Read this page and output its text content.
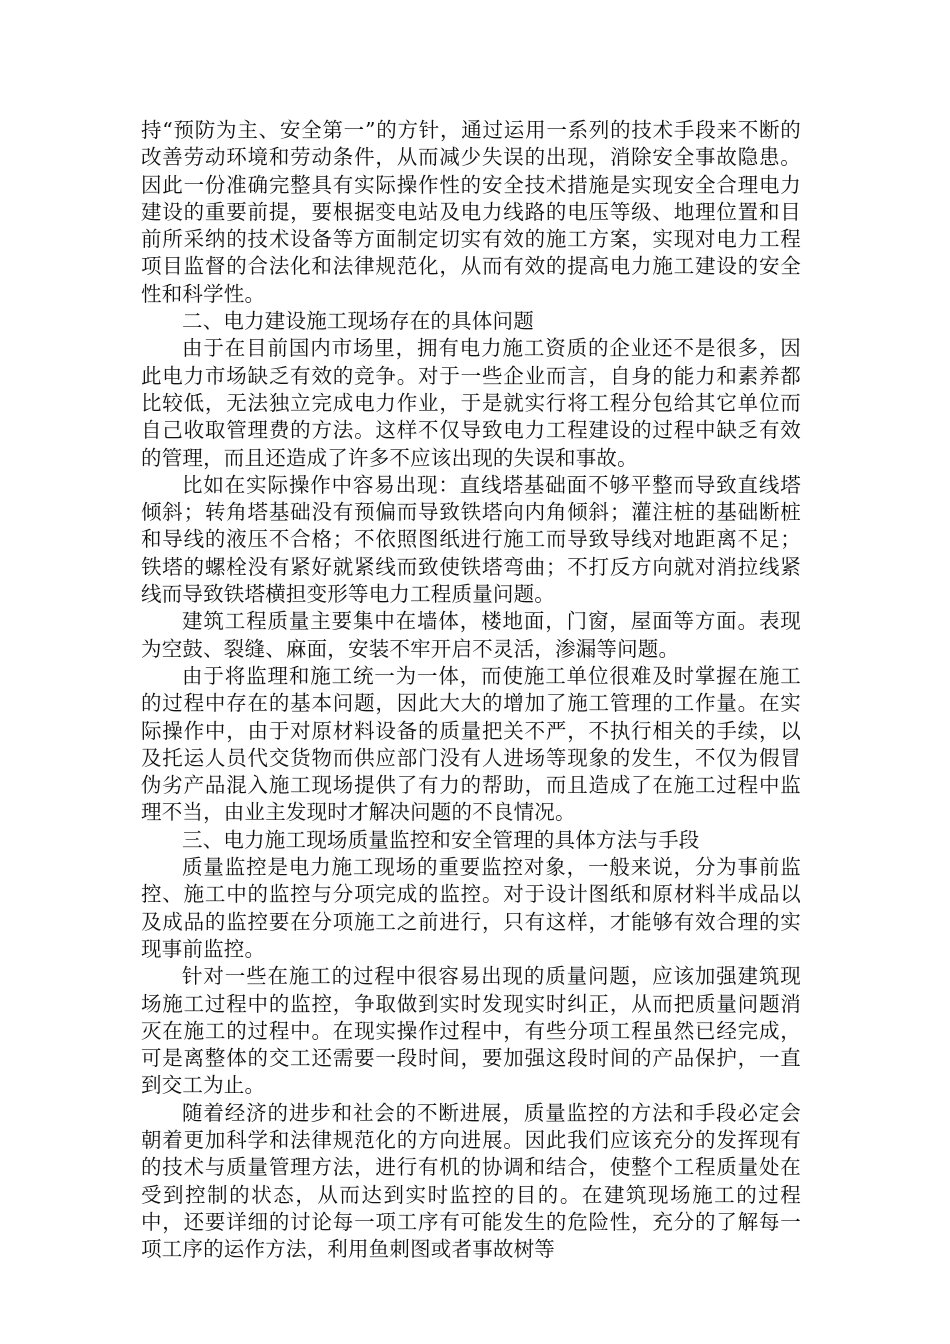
持“预防为主、安全第一”的方针，通过运用一系列的技术手段来不断的改善劳动环境和劳动条件，从而减少失误的出现，消除安全事故隐患。因此一份准确完整具有实际操作性的安全技术措施是实现安全合理电力建设的重要前提，要根据变电站及电力线路的电压等级、地理位置和目前所采纳的技术设备等方面制定切实有效的施工方案，实现对电力工程项目监督的合法化和法律规范化，从而有效的提高电力施工建设的安全性和科学性。

二、电力建设施工现场存在的具体问题

由于在目前国内市场里，拥有电力施工资质的企业还不是很多，因此电力市场缺乏有效的竞争。对于一些企业而言，自身的能力和素养都比较低，无法独立完成电力作业，于是就实行将工程分包给其它单位而自己收取管理费的方法。这样不仅导致电力工程建设的过程中缺乏有效的管理，而且还造成了许多不应该出现的失误和事故。

比如在实际操作中容易出现：直线塔基础面不够平整而导致直线塔倾斜；转角塔基础没有预偏而导致铁塔向内角倾斜；灌注桩的基础断桩和导线的液压不合格；不依照图纸进行施工而导致导线对地距离不足；铁塔的螺栓没有紧好就紧线而致使铁塔弯曲；不打反方向就对消拉线紧线而导致铁塔横担变形等电力工程质量问题。

建筑工程质量主要集中在墙体，楼地面，门窗，屋面等方面。表现为空鼓、裂缝、麻面，安装不牢开启不灵活，渗漏等问题。

由于将监理和施工统一为一体，而使施工单位很难及时掌握在施工的过程中存在的基本问题，因此大大的增加了施工管理的工作量。在实际操作中，由于对原材料设备的质量把关不严，不执行相关的手续，以及托运人员代交货物而供应部门没有人进场等现象的发生，不仅为假冒伪劣产品混入施工现场提供了有力的帮助，而且造成了在施工过程中监理不当，由业主发现时才解决问题的不良情况。

三、电力施工现场质量监控和安全管理的具体方法与手段

质量监控是电力施工现场的重要监控对象，一般来说，分为事前监控、施工中的监控与分项完成的监控。对于设计图纸和原材料半成品以及成品的监控要在分项施工之前进行，只有这样，才能够有效合理的实现事前监控。

针对一些在施工的过程中很容易出现的质量问题，应该加强建筑现场施工过程中的监控，争取做到实时发现实时纠正，从而把质量问题消灭在施工的过程中。在现实操作过程中，有些分项工程虽然已经完成，可是离整体的交工还需要一段时间，要加强这段时间的产品保护，一直到交工为止。

随着经济的进步和社会的不断进展，质量监控的方法和手段必定会朝着更加科学和法律规范化的方向进展。因此我们应该充分的发挥现有的技术与质量管理方法，进行有机的协调和结合，使整个工程质量处在受到控制的状态，从而达到实时监控的目的。在建筑现场施工的过程中，还要详细的讨论每一项工序有可能发生的危险性，充分的了解每一项工序的运作方法，利用鱼刺图或者事故树等
